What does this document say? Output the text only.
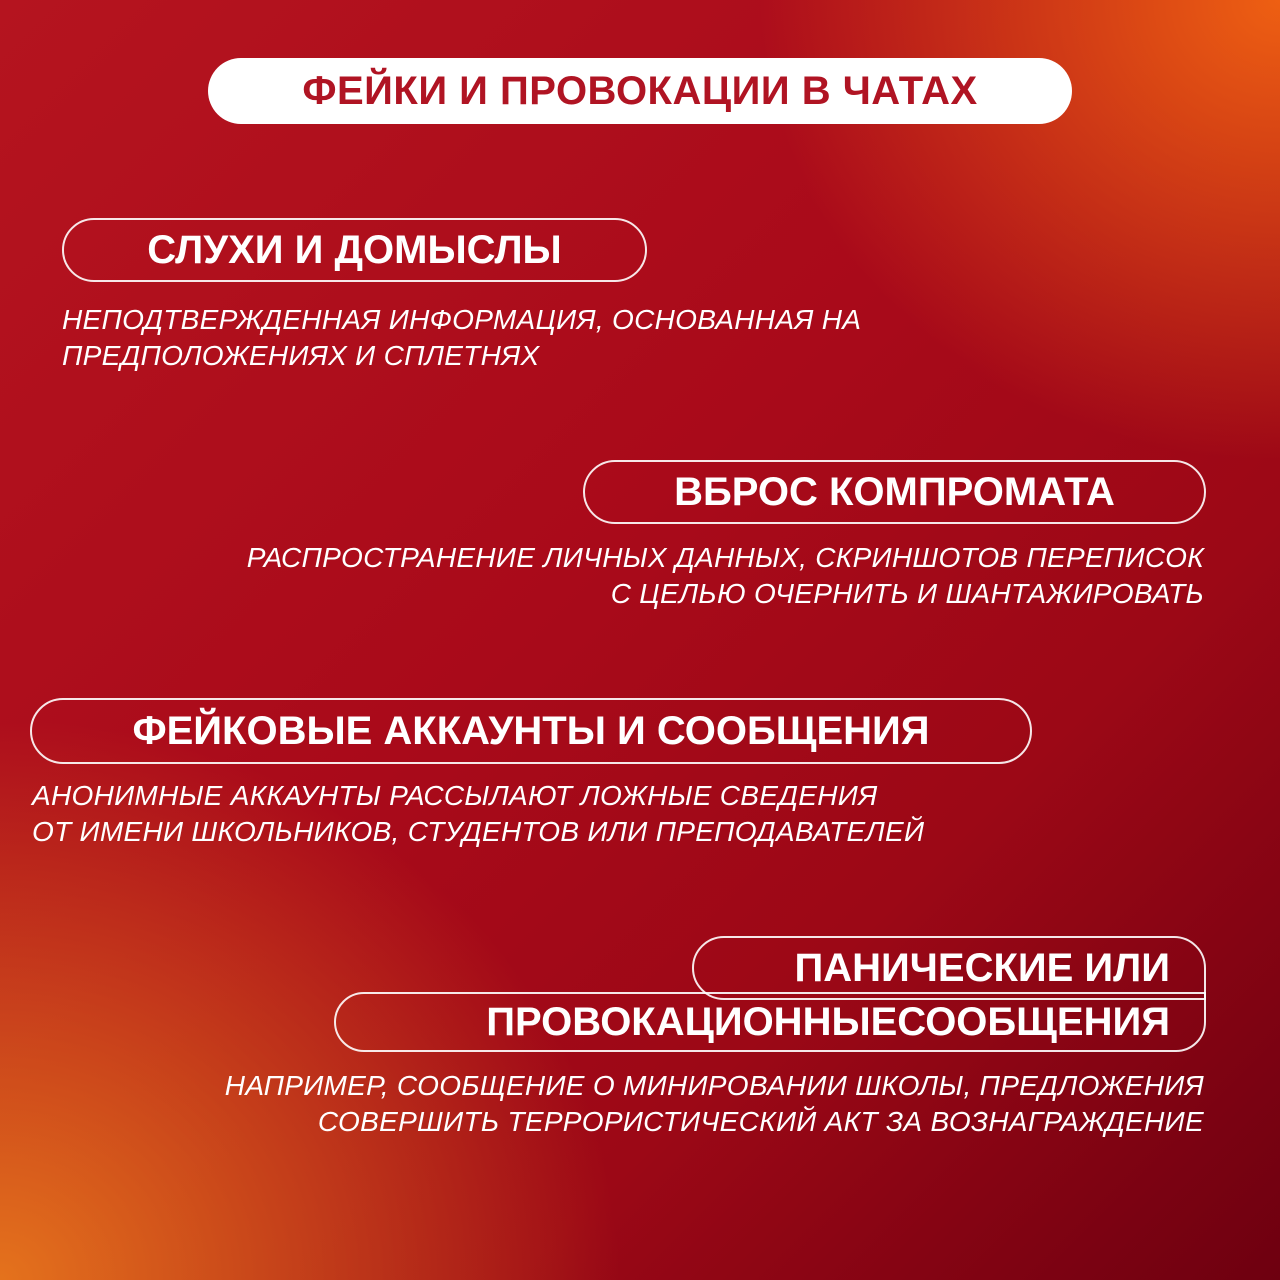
ФЕЙКИ И ПРОВОКАЦИИ В ЧАТАХ
СЛУХИ И ДОМЫСЛЫ
НЕПОДТВЕРЖДЕННАЯ ИНФОРМАЦИЯ, ОСНОВАННАЯ НА
ПРЕДПОЛОЖЕНИЯХ И СПЛЕТНЯХ
ВБРОС КОМПРОМАТА
РАСПРОСТРАНЕНИЕ ЛИЧНЫХ ДАННЫХ, СКРИНШОТОВ ПЕРЕПИСОК
С ЦЕЛЬЮ ОЧЕРНИТЬ И ШАНТАЖИРОВАТЬ
ФЕЙКОВЫЕ АККАУНТЫ И СООБЩЕНИЯ
АНОНИМНЫЕ АККАУНТЫ РАССЫЛАЮТ ЛОЖНЫЕ СВЕДЕНИЯ
ОТ ИМЕНИ ШКОЛЬНИКОВ, СТУДЕНТОВ ИЛИ ПРЕПОДАВАТЕЛЕЙ
ПАНИЧЕСКИЕ ИЛИ
ПРОВОКАЦИОННЫЕСООБЩЕНИЯ
НАПРИМЕР, СООБЩЕНИЕ О МИНИРОВАНИИ ШКОЛЫ, ПРЕДЛОЖЕНИЯ
СОВЕРШИТЬ ТЕРРОРИСТИЧЕСКИЙ АКТ ЗА ВОЗНАГРАЖДЕНИЕ
